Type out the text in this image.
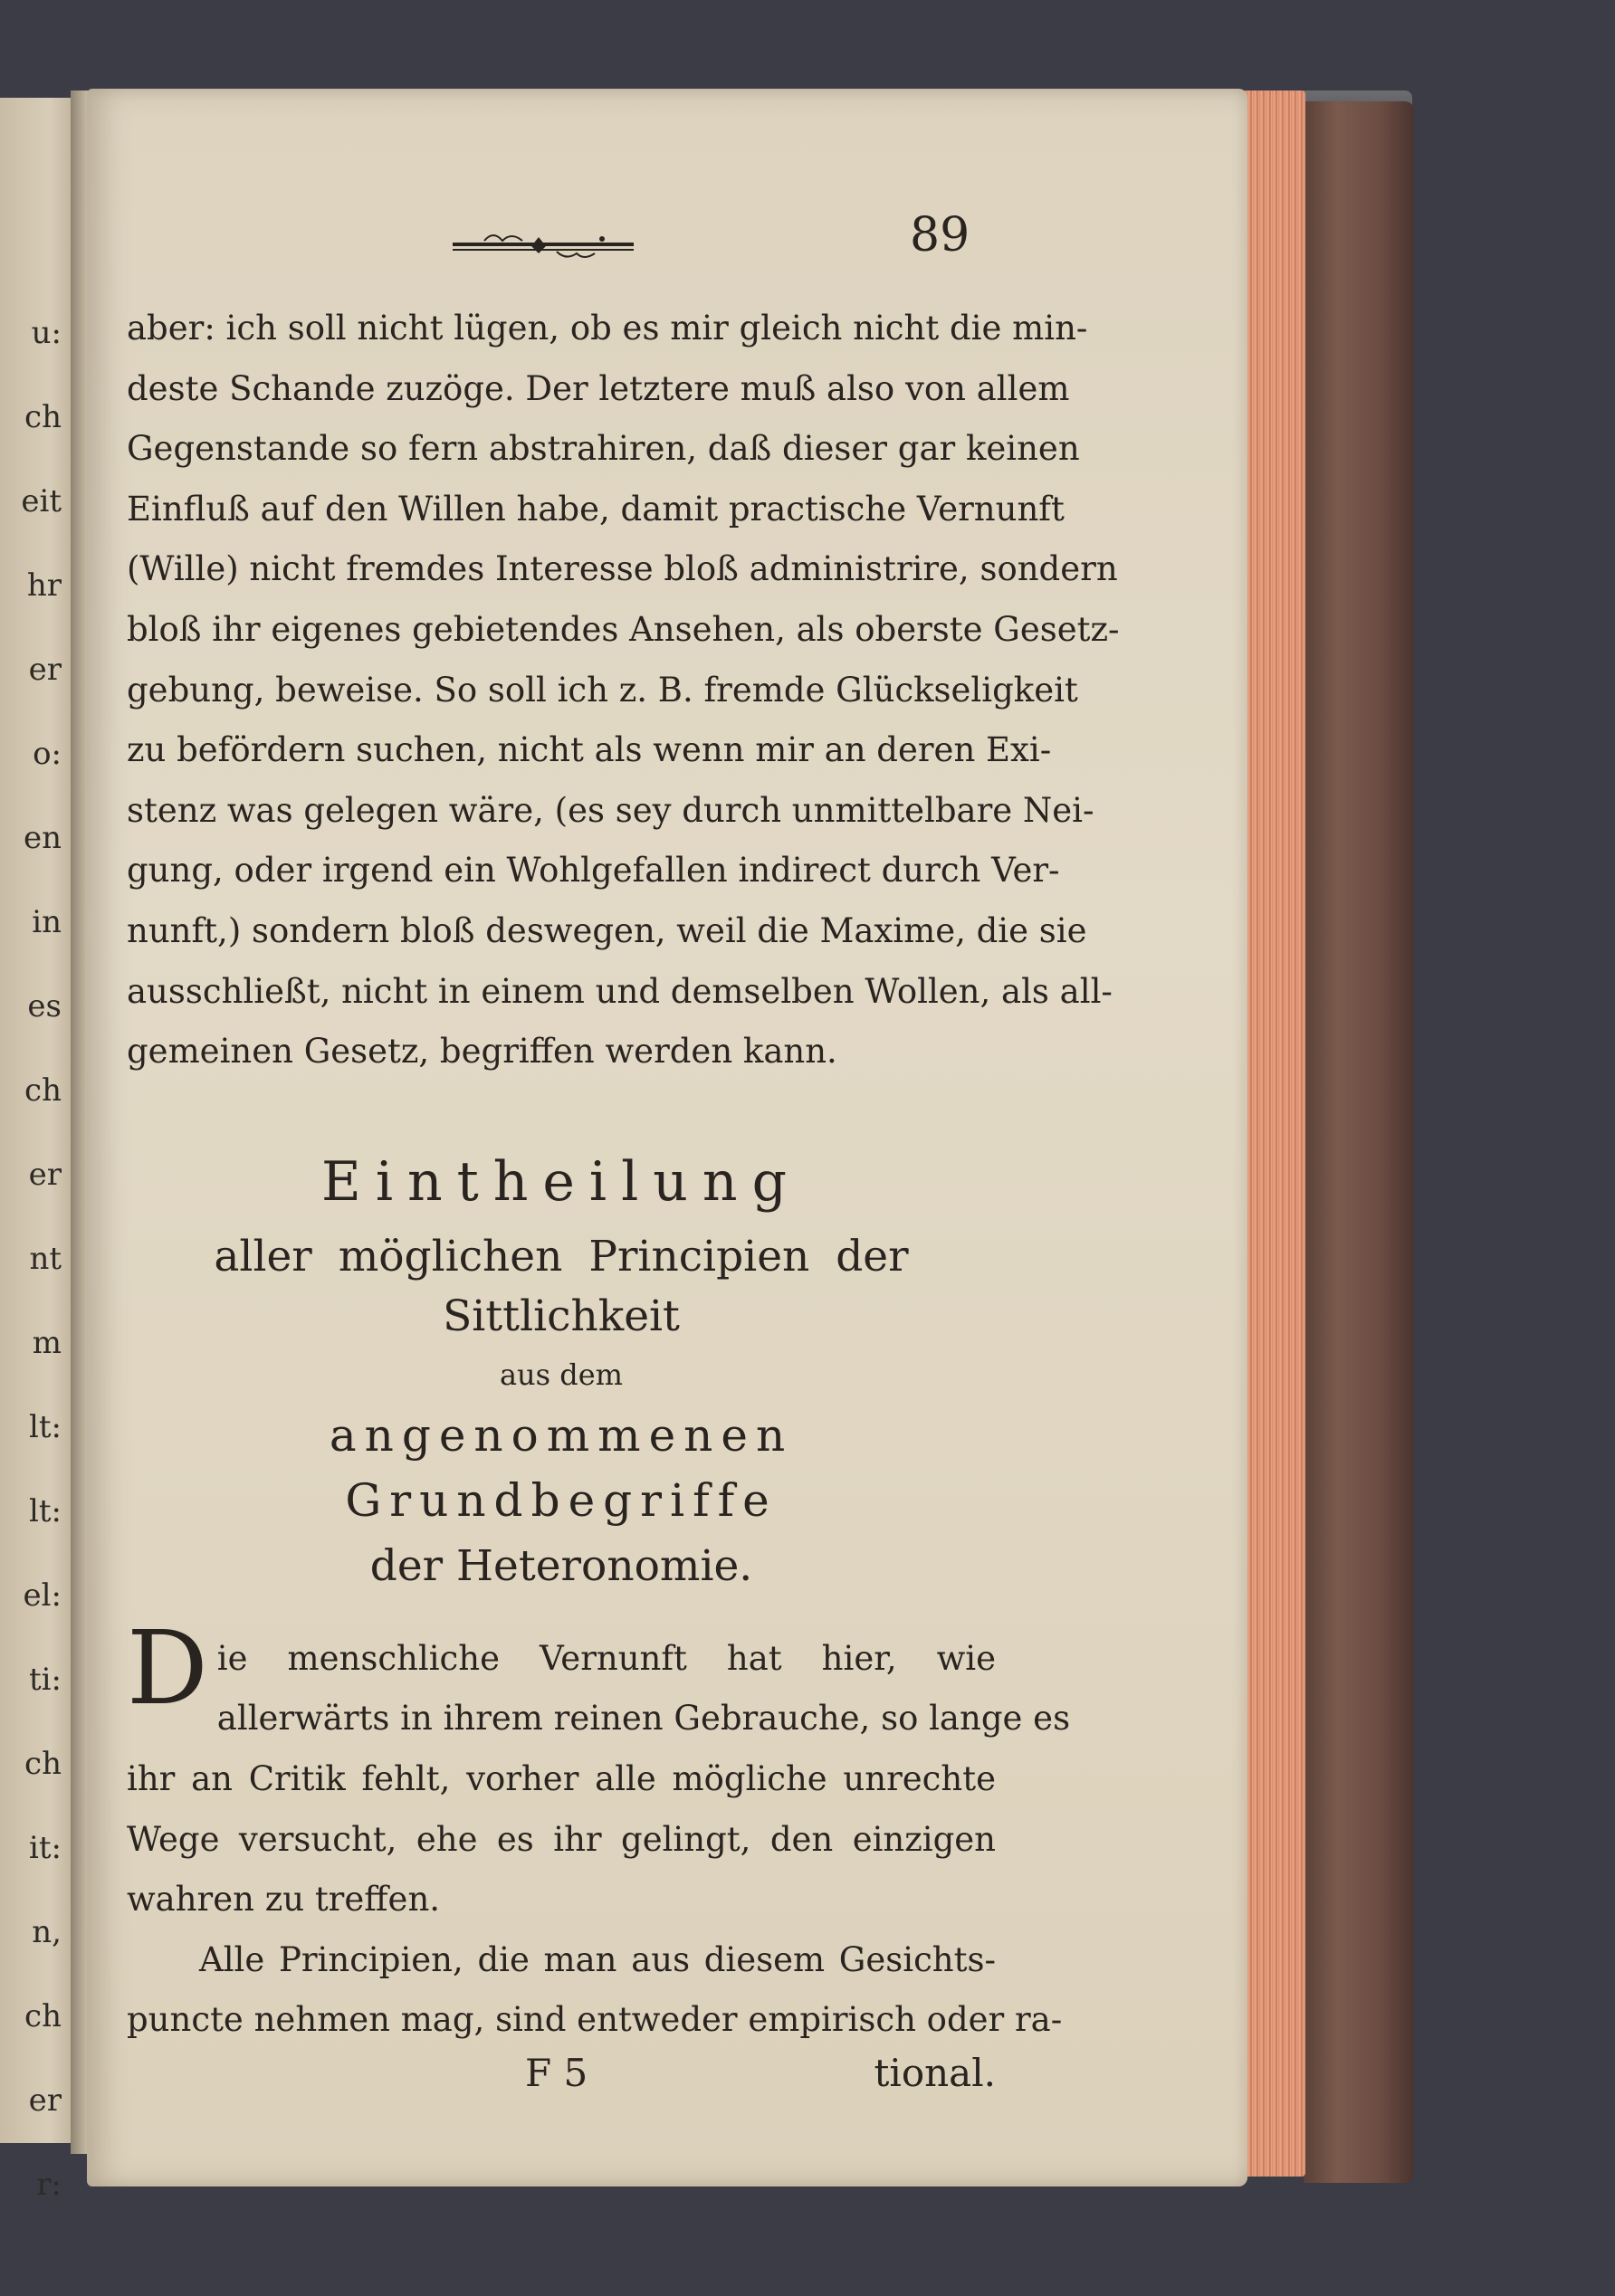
u:
ch
eit
hr
er
o:
en
in
es
ch
er
nt
m
lt:
lt:
el:
ti:
ch
it:
n,
ch
er
r:
89

aber: ich soll nicht lügen, ob es mir gleich nicht die min-
deste Schande zuzöge. Der letztere muß also von allem
Gegenstande so fern abstrahiren, daß dieser gar keinen
Einfluß auf den Willen habe, damit practische Vernunft
(Wille) nicht fremdes Interesse bloß administrire, sondern
bloß ihr eigenes gebietendes Ansehen, als oberste Gesetz-
gebung, beweise. So soll ich z. B. fremde Glückseligkeit
zu befördern suchen, nicht als wenn mir an deren Exi-
stenz was gelegen wäre, (es sey durch unmittelbare Nei-
gung, oder irgend ein Wohlgefallen indirect durch Ver-
nunft,) sondern bloß deswegen, weil die Maxime, die sie
ausschließt, nicht in einem und demselben Wollen, als all-
gemeinen Gesetz, begriffen werden kann.

Eintheilung

aller möglichen Principien der Sittlichkeit

aus dem

angenommenen Grundbegriffe

der Heteronomie.

D ie menschliche Vernunft hat hier, wie
allerwärts in ihrem reinen Gebrauche, so lange es
ihr an Critik fehlt, vorher alle mögliche unrechte
Wege versucht, ehe es ihr gelingt, den einzigen
wahren zu treffen.

Alle Principien, die man aus diesem Gesichts-
puncte nehmen mag, sind entweder empirisch oder ra-

F 5	tional.
